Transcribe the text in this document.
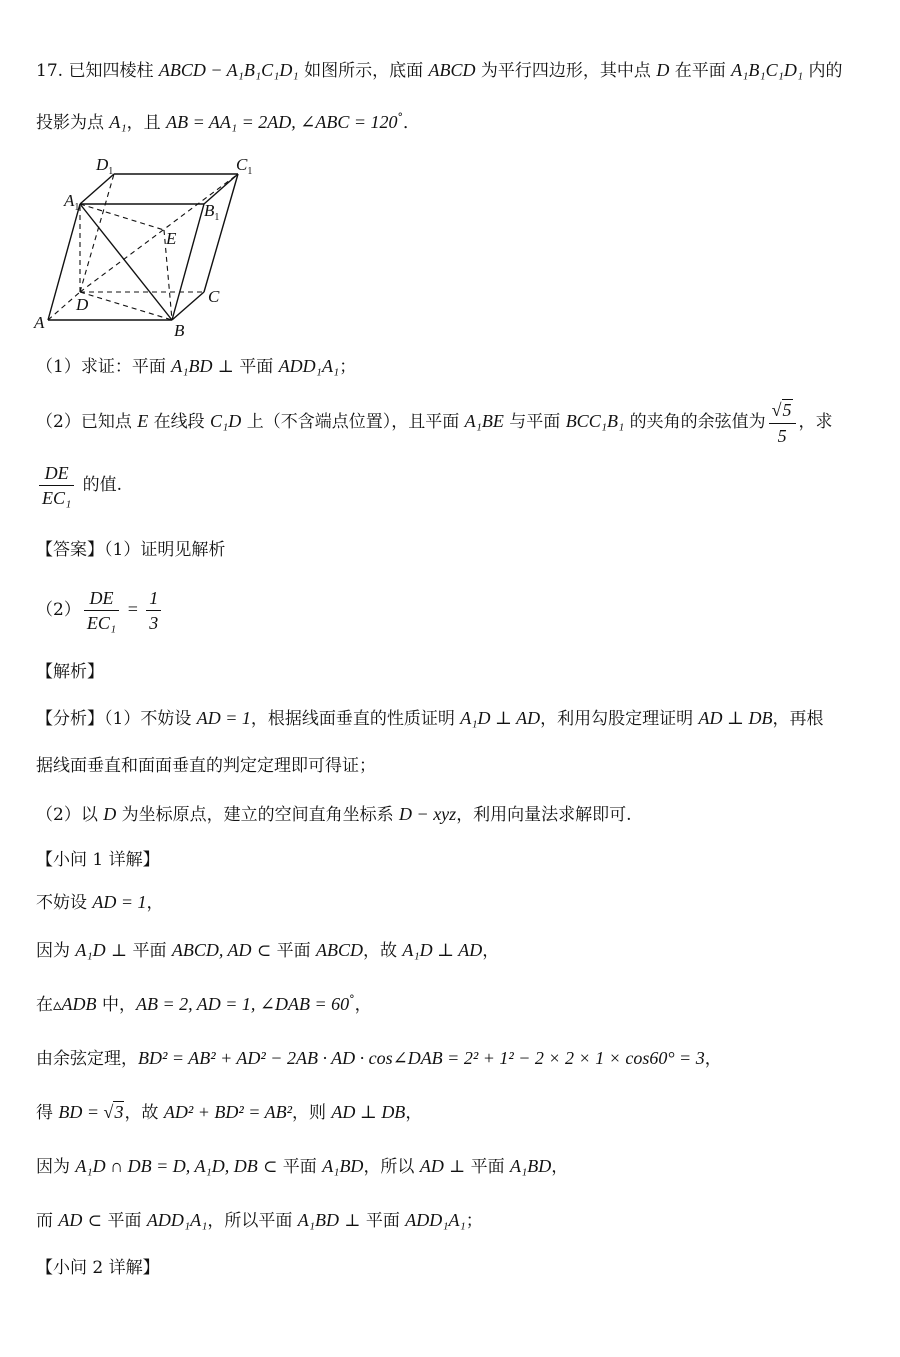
17. 已知四棱柱 ABCD − A₁B₁C₁D₁ 如图所示，底面 ABCD 为平行四边形，其中点 D 在平面 A₁B₁C₁D₁ 内的
投影为点 A₁，且 AB = AA₁ = 2AD, ∠ABC = 120°．
$D_1$	$C_1$
$A_1$	$B_1$
E
D	C
A	B
（1）求证：平面 A₁BD ⊥ 平面 ADD₁A₁；
（2）已知点 E 在线段 C₁D 上（不含端点位置），且平面 A₁BE 与平面 BCC₁B₁ 的夹角的余弦值为 $\frac{√5}{5}$ ，求
$\frac{DE}{\text{EC₁}}$ 的值.
【答案】（1）证明见解析
$(2) \frac{DE}{\text{EC₁}} = \frac{1}{3}$
【解析】
【分析】（1）不妨设 AD = 1，根据线面垂直的性质证明 A₁D ⊥ AD，利用勾股定理证明 AD ⊥ DB，再根
据线面垂直和面面垂直的判定定理即可得证；
（2）以 D 为坐标原点，建立的空间直角坐标系 D − xyz，利用向量法求解即可.
【小问 1 详解】
不妨设 AD = 1，
因为 A₁D ⊥ 平面 ABCD, AD ⊂ 平面 ABCD，故 A₁D ⊥ AD，
在▵ADB 中，AB = 2, AD = 1, ∠DAB = 60°，
由余弦定理，BD² = AB² + AD² − 2AB · AD · cos∠DAB = 2² + 1² − 2 × 2 × 1 × cos60° = 3，
得 BD = √3，故 AD² + BD² = AB²，则 AD ⊥ DB，
因为 A₁D ∩ DB = D, A₁D, DB ⊂ 平面 A₁BD，所以 AD ⊥ 平面 A₁BD，
而 AD ⊂ 平面 ADD₁A₁，所以平面 A₁BD ⊥ 平面 ADD₁A₁；
【小问 2 详解】
